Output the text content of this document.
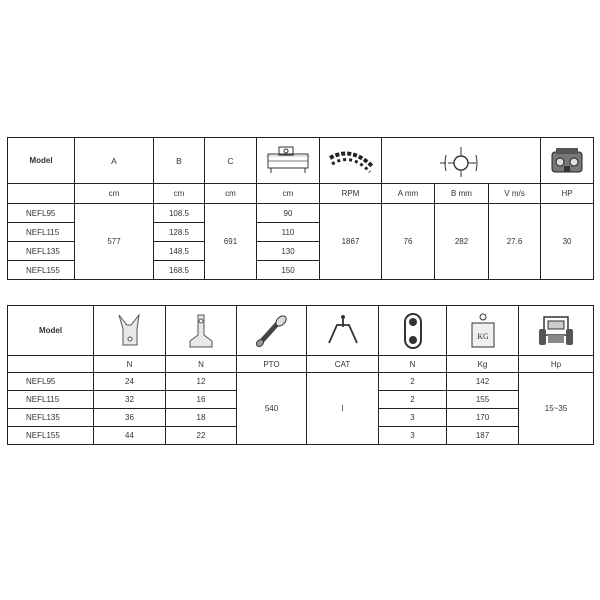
Model	A	B	C	

	cm	cm	cm	cm	RPM	A mm	B mm	V m/s	HP
NEFL95	577	108.5	691	90	1867	76	282	27.6	30
NEFL115		128.5		110					
NEFL135		148.5		130					
NEFL155		168.5		150					
Model						KG

	N	N	PTO	CAT	N	Kg	Hp
NEFL95	24	12	540	I	2	142	15~35
NEFL115	32	16			2	155	
NEFL135	36	18			3	170	
NEFL155	44	22			3	187	
